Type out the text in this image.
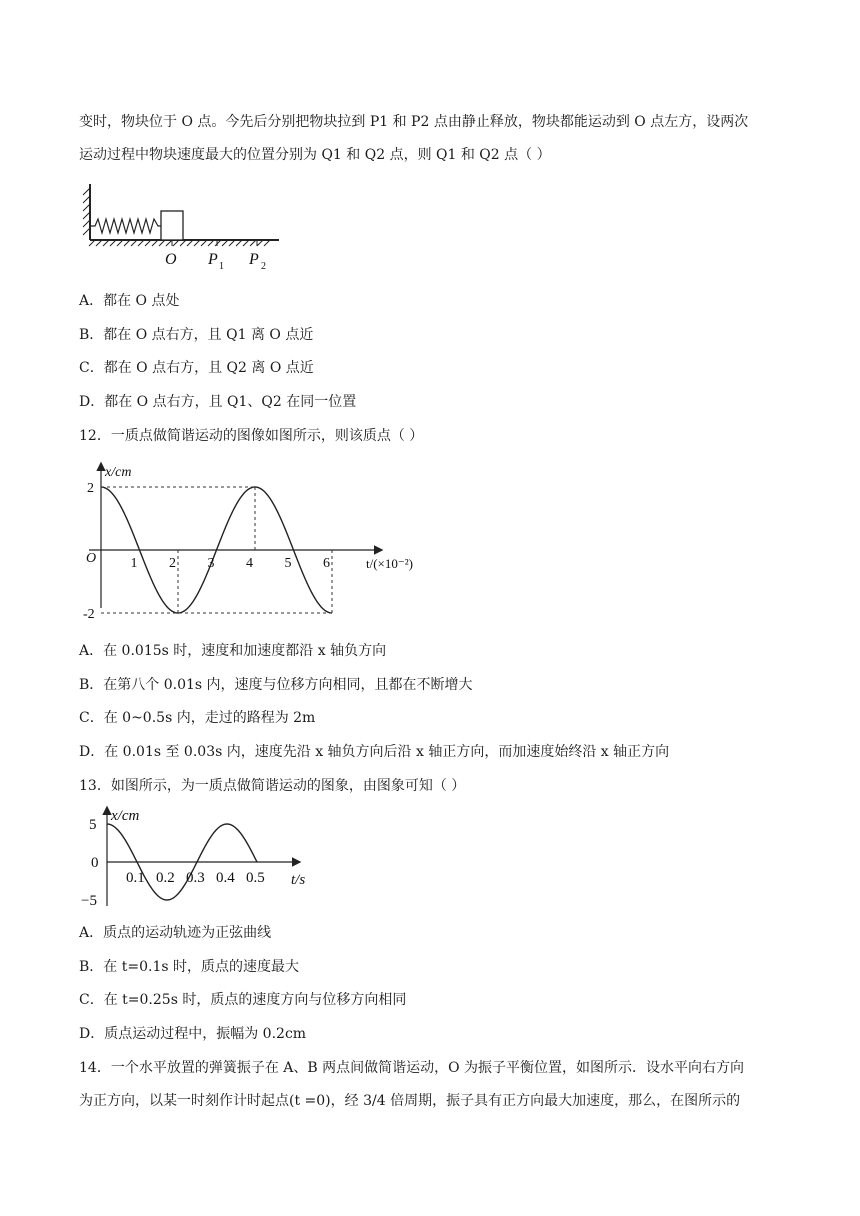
变时，物块位于 O 点。今先后分别把物块拉到 P1 和 P2 点由静止释放，物块都能运动到 O 点左方，设两次
运动过程中物块速度最大的位置分别为 Q1 和 Q2 点，则 Q1 和 Q2 点（ ）
O P 1 P 2
A．都在 O 点处
B．都在 O 点右方，且 Q1 离 O 点近
C．都在 O 点右方，且 Q2 离 O 点近
D．都在 O 点右方，且 Q1、Q2 在同一位置
12．一质点做简谐运动的图像如图所示，则该质点（ ）
x/cm
t/(×10⁻²)
O 1 2 3 4 5 6
2
-2
A．在 0.015s 时，速度和加速度都沿 x 轴负方向
B．在第八个 0.01s 内，速度与位移方向相同，且都在不断增大
C．在 0~0.5s 内，走过的路程为 2m
D．在 0.01s 至 0.03s 内，速度先沿 x 轴负方向后沿 x 轴正方向，而加速度始终沿 x 轴正方向
13．如图所示，为一质点做简谐运动的图象，由图象可知（ ）
x/cm
t/s
0.1 0.2 0.3 0.4 0.5
5
0
−5
A．质点的运动轨迹为正弦曲线
B．在 t=0.1s 时，质点的速度最大
C．在 t=0.25s 时，质点的速度方向与位移方向相同
D．质点运动过程中，振幅为 0.2cm
14．一个水平放置的弹簧振子在 A、B 两点间做简谐运动，O 为振子平衡位置，如图所示．设水平向右方向
为正方向，以某一时刻作计时起点(t =0)，经 3/4 倍周期，振子具有正方向最大加速度，那么，在图所示的
